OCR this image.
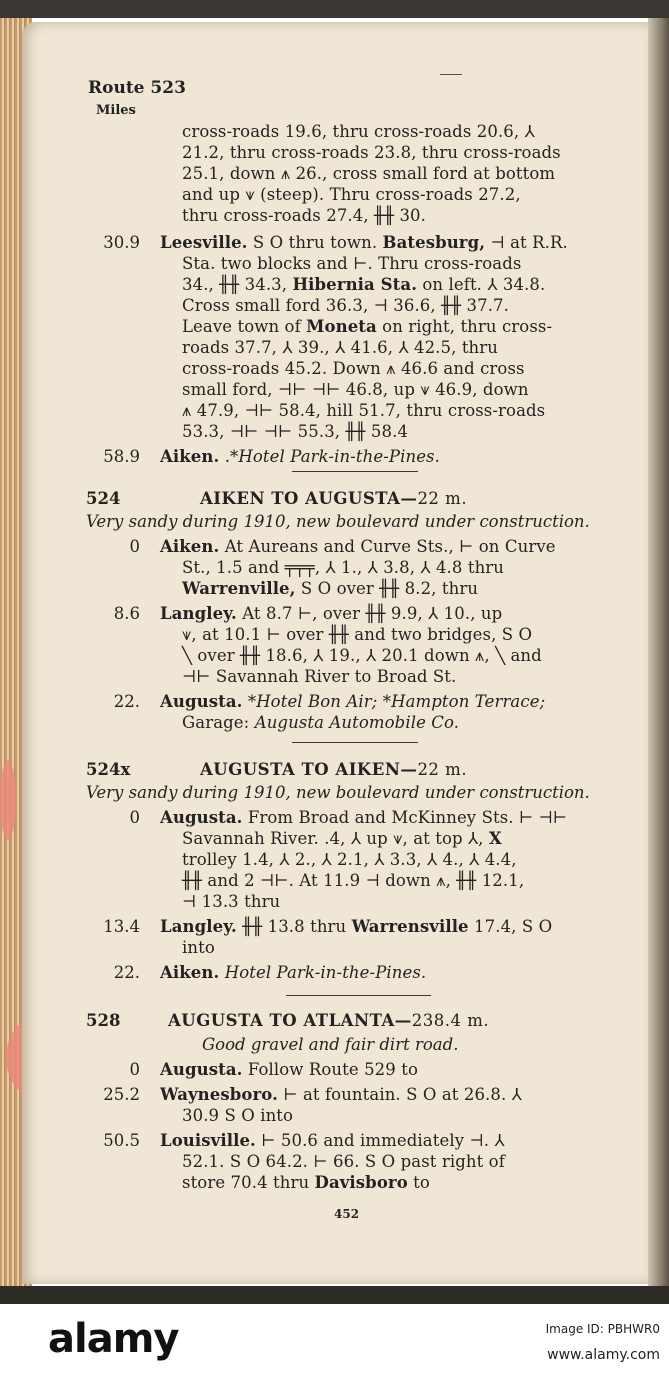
Route 523
Miles
cross-roads 19.6, thru cross-roads 20.6, ⅄
21.2, thru cross-roads 23.8, thru cross-roads
25.1, down ⩚ 26., cross small ford at bottom
and up ⩛ (steep). Thru cross-roads 27.2,
thru cross-roads 27.4, ╫╫ 30.
30.9 Leesville. S O thru town. Batesburg, ⊣ at R.R.
Sta. two blocks and ⊢. Thru cross-roads
34., ╫╫ 34.3, Hibernia Sta. on left. ⅄ 34.8.
Cross small ford 36.3, ⊣ 36.6, ╫╫ 37.7.
Leave town of Moneta on right, thru cross-
roads 37.7, ⅄ 39., ⅄ 41.6, ⅄ 42.5, thru
cross-roads 45.2. Down ⩚ 46.6 and cross
small ford, ⊣⊢ ⊣⊢ 46.8, up ⩛ 46.9, down
⩚ 47.9, ⊣⊢ 58.4, hill 51.7, thru cross-roads
53.3, ⊣⊢ ⊣⊢ 55.3, ╫╫ 58.4
58.9 Aiken. .*Hotel Park-in-the-Pines.
524	AIKEN TO AUGUSTA—22 m.
Very sandy during 1910, new boulevard under construction.
0 Aiken. At Aureans and Curve Sts., ⊢ on Curve
St., 1.5 and ╤╤╤, ⅄ 1., ⅄ 3.8, ⅄ 4.8 thru
Warrenville, S O over ╫╫ 8.2, thru
8.6 Langley. At 8.7 ⊢, over ╫╫ 9.9, ⅄ 10., up
⩛, at 10.1 ⊢ over ╫╫ and two bridges, S O
╲ over ╫╫ 18.6, ⅄ 19., ⅄ 20.1 down ⩚, ╲ and
⊣⊢ Savannah River to Broad St.
22. Augusta. *Hotel Bon Air; *Hampton Terrace;
Garage: Augusta Automobile Co.
524x	AUGUSTA TO AIKEN—22 m.
Very sandy during 1910, new boulevard under construction.
0 Augusta. From Broad and McKinney Sts. ⊢ ⊣⊢
Savannah River. .4, ⅄ up ⩛, at top ⅄, X
trolley 1.4, ⅄ 2., ⅄ 2.1, ⅄ 3.3, ⅄ 4., ⅄ 4.4,
╫╫ and 2 ⊣⊢. At 11.9 ⊣ down ⩚, ╫╫ 12.1,
⊣ 13.3 thru
13.4 Langley. ╫╫ 13.8 thru Warrensville 17.4, S O
into
22. Aiken. Hotel Park-in-the-Pines.
528	AUGUSTA TO ATLANTA—238.4 m.
Good gravel and fair dirt road.
0 Augusta. Follow Route 529 to
25.2 Waynesboro. ⊢ at fountain. S O at 26.8. ⅄
30.9 S O into
50.5 Louisville. ⊢ 50.6 and immediately ⊣. ⅄
52.1. S O 64.2. ⊢ 66. S O past right of
store 70.4 thru Davisboro to
452
alamy	Image ID: PBHWR0
www.alamy.com
